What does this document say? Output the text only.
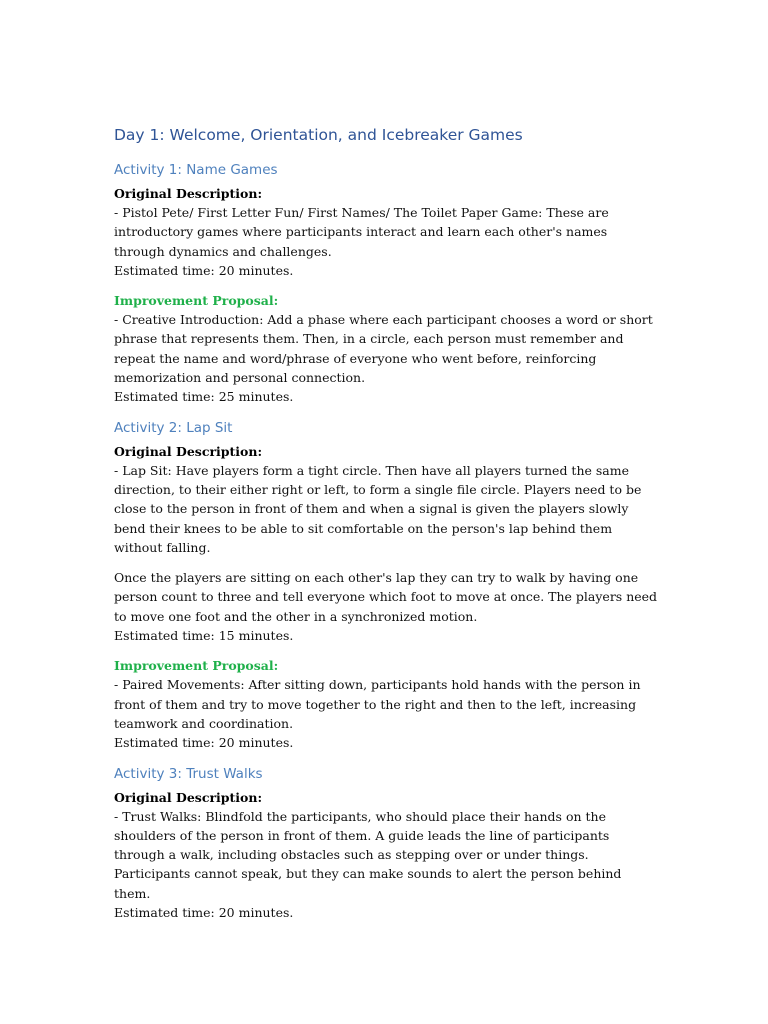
Day 1: Welcome, Orientation, and Icebreaker Games
Activity 1: Name Games
Original Description:
- Pistol Pete/ First Letter Fun/ First Names/ The Toilet Paper Game: These are introductory games where participants interact and learn each other's names through dynamics and challenges.
Estimated time: 20 minutes.
Improvement Proposal:
- Creative Introduction: Add a phase where each participant chooses a word or short phrase that represents them. Then, in a circle, each person must remember and repeat the name and word/phrase of everyone who went before, reinforcing memorization and personal connection.
Estimated time: 25 minutes.
Activity 2: Lap Sit
Original Description:
- Lap Sit: Have players form a tight circle. Then have all players turned the same direction, to their either right or left, to form a single file circle. Players need to be close to the person in front of them and when a signal is given the players slowly bend their knees to be able to sit comfortable on the person's lap behind them without falling.
Once the players are sitting on each other's lap they can try to walk by having one person count to three and tell everyone which foot to move at once. The players need to move one foot and the other in a synchronized motion.
Estimated time: 15 minutes.
Improvement Proposal:
- Paired Movements: After sitting down, participants hold hands with the person in front of them and try to move together to the right and then to the left, increasing teamwork and coordination.
Estimated time: 20 minutes.
Activity 3: Trust Walks
Original Description:
- Trust Walks: Blindfold the participants, who should place their hands on the shoulders of the person in front of them. A guide leads the line of participants through a walk, including obstacles such as stepping over or under things. Participants cannot speak, but they can make sounds to alert the person behind them.
Estimated time: 20 minutes.
